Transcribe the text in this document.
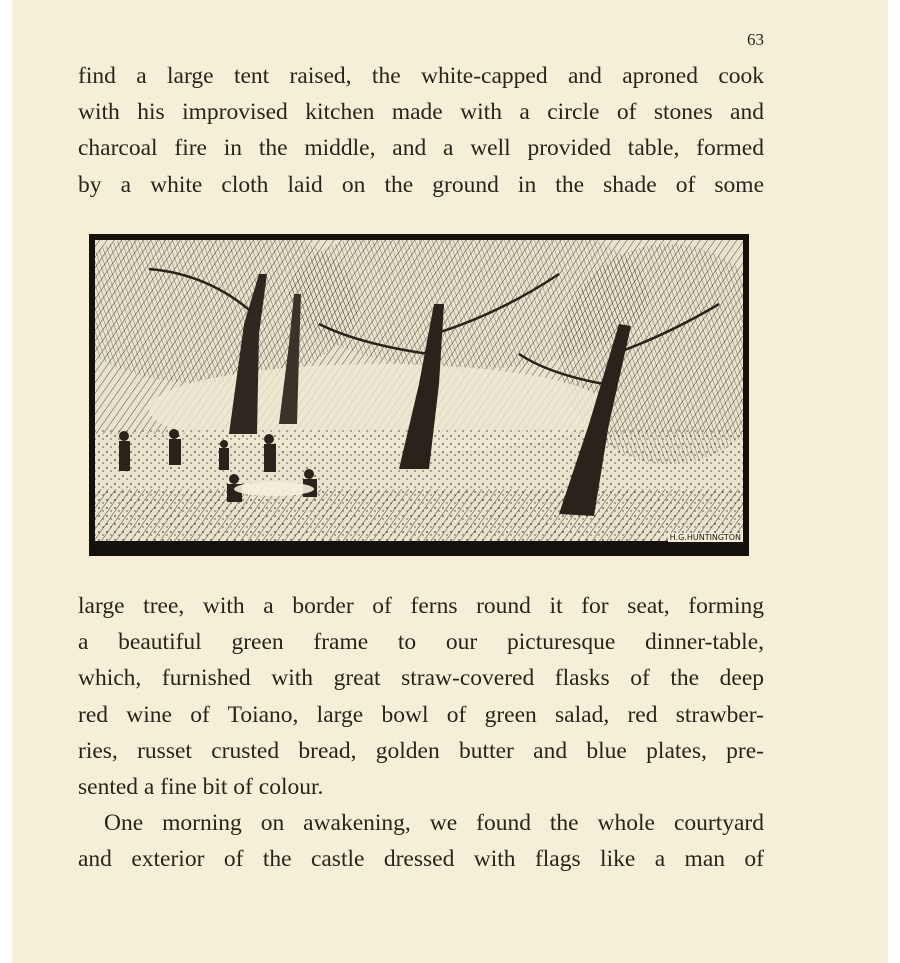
63
find a large tent raised, the white-capped and aproned cook
with his improvised kitchen made with a circle of stones and
charcoal fire in the middle, and a well provided table, formed
by a white cloth laid on the ground in the shade of some
H.G.HUNTINGTON
large tree, with a border of ferns round it for seat, forming
a beautiful green frame to our picturesque dinner-table,
which, furnished with great straw-covered flasks of the deep
red wine of Toiano, large bowl of green salad, red strawber-
ries, russet crusted bread, golden butter and blue plates, pre-
sented a fine bit of colour.
One morning on awakening, we found the whole courtyard
and exterior of the castle dressed with flags like a man of
